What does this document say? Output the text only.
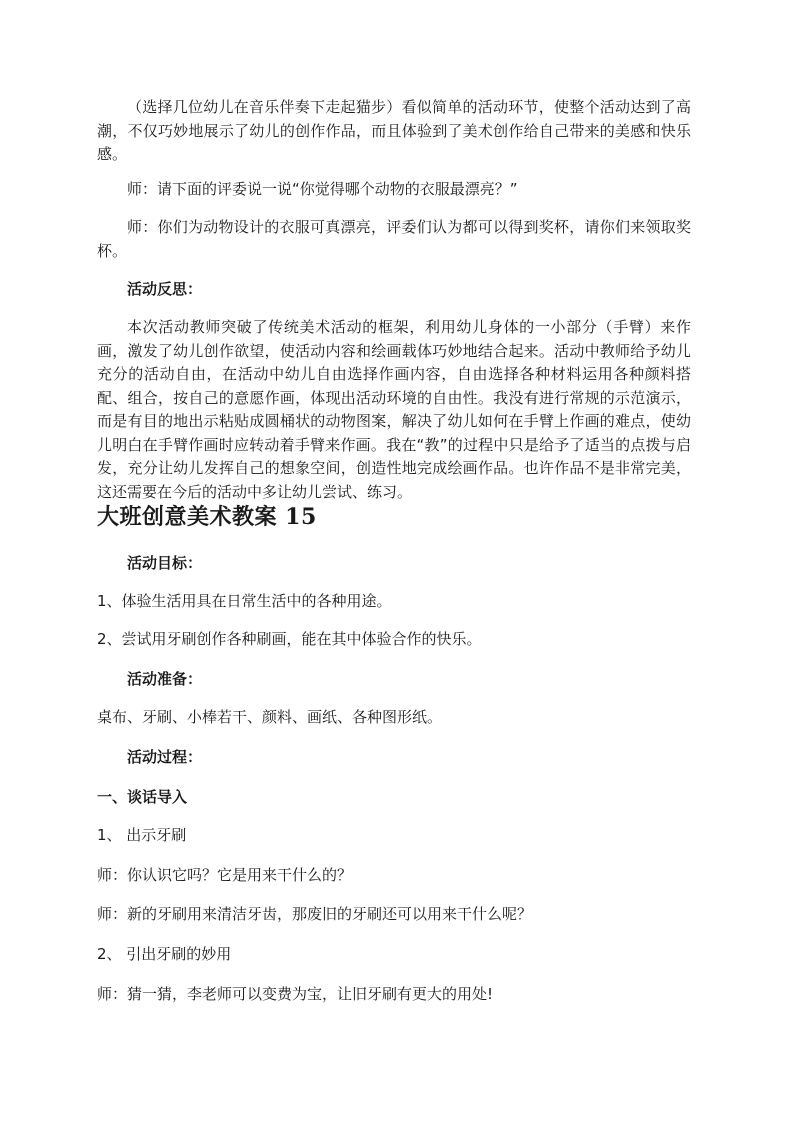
（选择几位幼儿在音乐伴奏下走起猫步）看似简单的活动环节，使整个活动达到了高潮，不仅巧妙地展示了幼儿的创作作品，而且体验到了美术创作给自己带来的美感和快乐感。

师：请下面的评委说一说“你觉得哪个动物的衣服最漂亮？”

师：你们为动物设计的衣服可真漂亮，评委们认为都可以得到奖杯，请你们来领取奖杯。

活动反思：

本次活动教师突破了传统美术活动的框架，利用幼儿身体的一小部分（手臂）来作画，激发了幼儿创作欲望，使活动内容和绘画载体巧妙地结合起来。活动中教师给予幼儿充分的活动自由，在活动中幼儿自由选择作画内容，自由选择各种材料运用各种颜料搭配、组合，按自己的意愿作画，体现出活动环境的自由性。我没有进行常规的示范演示，而是有目的地出示粘贴成圆桶状的动物图案，解决了幼儿如何在手臂上作画的难点，使幼儿明白在手臂作画时应转动着手臂来作画。我在“教”的过程中只是给予了适当的点拨与启发，充分让幼儿发挥自己的想象空间，创造性地完成绘画作品。也许作品不是非常完美，这还需要在今后的活动中多让幼儿尝试、练习。

大班创意美术教案 15

活动目标：

1、体验生活用具在日常生活中的各种用途。

2、尝试用牙刷创作各种刷画，能在其中体验合作的快乐。

活动准备：

桌布、牙刷、小棒若干、颜料、画纸、各种图形纸。

活动过程：

一、谈话导入

1、 出示牙刷

师：你认识它吗？它是用来干什么的？

师：新的牙刷用来清洁牙齿，那废旧的牙刷还可以用来干什么呢？

2、 引出牙刷的妙用

师：猜一猜，李老师可以变费为宝，让旧牙刷有更大的用处!
